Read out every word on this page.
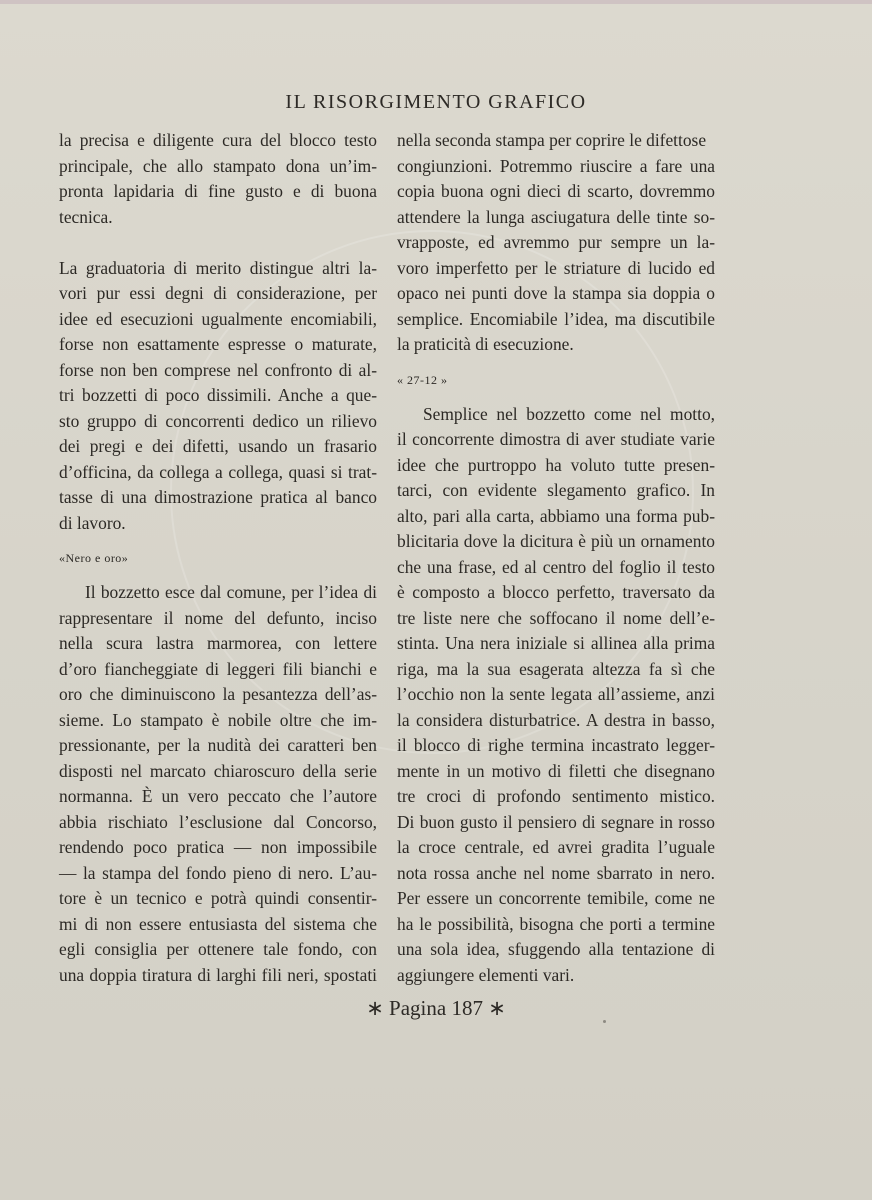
IL RISORGIMENTO GRAFICO
la precisa e diligente cura del blocco testo
principale, che allo stampato dona un’im-
pronta lapidaria di fine gusto e di buona
tecnica.
La graduatoria di merito distingue altri la-
vori pur essi degni di considerazione, per
idee ed esecuzioni ugualmente encomiabili,
forse non esattamente espresse o maturate,
forse non ben comprese nel confronto di al-
tri bozzetti di poco dissimili. Anche a que-
sto gruppo di concorrenti dedico un rilievo
dei pregi e dei difetti, usando un frasario
d’officina, da collega a collega, quasi si trat-
tasse di una dimostrazione pratica al banco
di lavoro.
«Nero e oro»
Il bozzetto esce dal comune, per l’idea di
rappresentare il nome del defunto, inciso
nella scura lastra marmorea, con lettere
d’oro fiancheggiate di leggeri fili bianchi e
oro che diminuiscono la pesantezza dell’as-
sieme. Lo stampato è nobile oltre che im-
pressionante, per la nudità dei caratteri ben
disposti nel marcato chiaroscuro della serie
normanna. È un vero peccato che l’autore
abbia rischiato l’esclusione dal Concorso,
rendendo poco pratica — non impossibile
— la stampa del fondo pieno di nero. L’au-
tore è un tecnico e potrà quindi consentir-
mi di non essere entusiasta del sistema che
egli consiglia per ottenere tale fondo, con
una doppia tiratura di larghi fili neri, spostati
nella seconda stampa per coprire le difettose
congiunzioni. Potremmo riuscire a fare una
copia buona ogni dieci di scarto, dovremmo
attendere la lunga asciugatura delle tinte so-
vrapposte, ed avremmo pur sempre un la-
voro imperfetto per le striature di lucido ed
opaco nei punti dove la stampa sia doppia o
semplice. Encomiabile l’idea, ma discutibile
la praticità di esecuzione.
« 27-12 »
Semplice nel bozzetto come nel motto,
il concorrente dimostra di aver studiate varie
idee che purtroppo ha voluto tutte presen-
tarci, con evidente slegamento grafico. In
alto, pari alla carta, abbiamo una forma pub-
blicitaria dove la dicitura è più un ornamento
che una frase, ed al centro del foglio il testo
è composto a blocco perfetto, traversato da
tre liste nere che soffocano il nome dell’e-
stinta. Una nera iniziale si allinea alla prima
riga, ma la sua esagerata altezza fa sì che
l’occhio non la sente legata all’assieme, anzi
la considera disturbatrice. A destra in basso,
il blocco di righe termina incastrato legger-
mente in un motivo di filetti che disegnano
tre croci di profondo sentimento mistico.
Di buon gusto il pensiero di segnare in rosso
la croce centrale, ed avrei gradita l’uguale
nota rossa anche nel nome sbarrato in nero.
Per essere un concorrente temibile, come ne
ha le possibilità, bisogna che porti a termine
una sola idea, sfuggendo alla tentazione di
aggiungere elementi vari.
∗ Pagina 187 ∗
